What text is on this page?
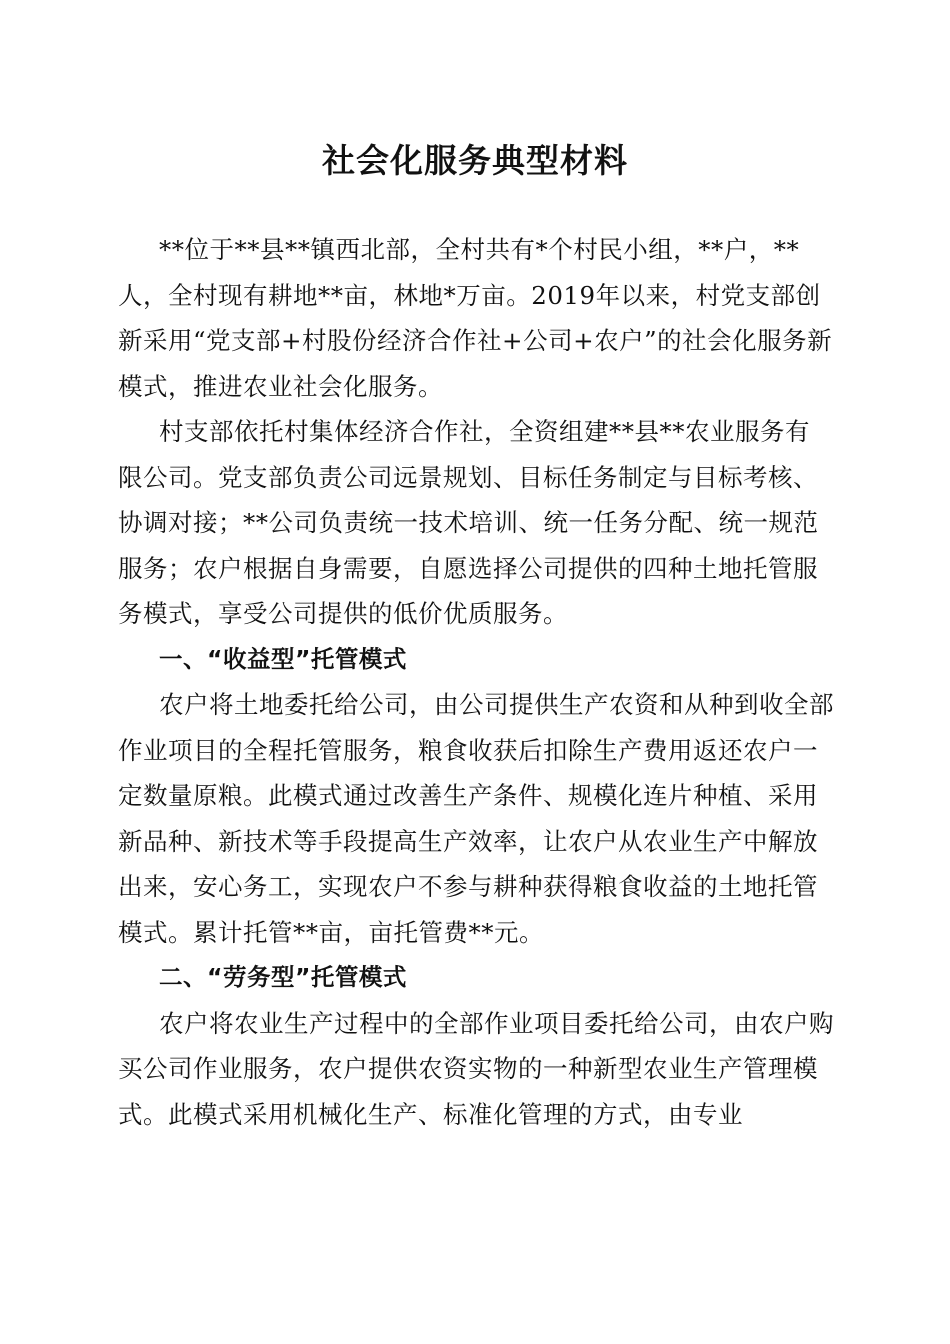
社会化服务典型材料

**位于**县**镇西北部，全村共有*个村民小组，**户，**人，全村现有耕地**亩，林地*万亩。2019年以来，村党支部创新采用“党支部+村股份经济合作社+公司+农户”的社会化服务新模式，推进农业社会化服务。

村支部依托村集体经济合作社，全资组建**县**农业服务有限公司。党支部负责公司远景规划、目标任务制定与目标考核、协调对接；**公司负责统一技术培训、统一任务分配、统一规范服务；农户根据自身需要，自愿选择公司提供的四种土地托管服务模式，享受公司提供的低价优质服务。

一、“收益型”托管模式

农户将土地委托给公司，由公司提供生产农资和从种到收全部作业项目的全程托管服务，粮食收获后扣除生产费用返还农户一定数量原粮。此模式通过改善生产条件、规模化连片种植、采用新品种、新技术等手段提高生产效率，让农户从农业生产中解放出来，安心务工，实现农户不参与耕种获得粮食收益的土地托管模式。累计托管**亩，亩托管费**元。

二、“劳务型”托管模式

农户将农业生产过程中的全部作业项目委托给公司，由农户购买公司作业服务，农户提供农资实物的一种新型农业生产管理模式。此模式采用机械化生产、标准化管理的方式，由专业
